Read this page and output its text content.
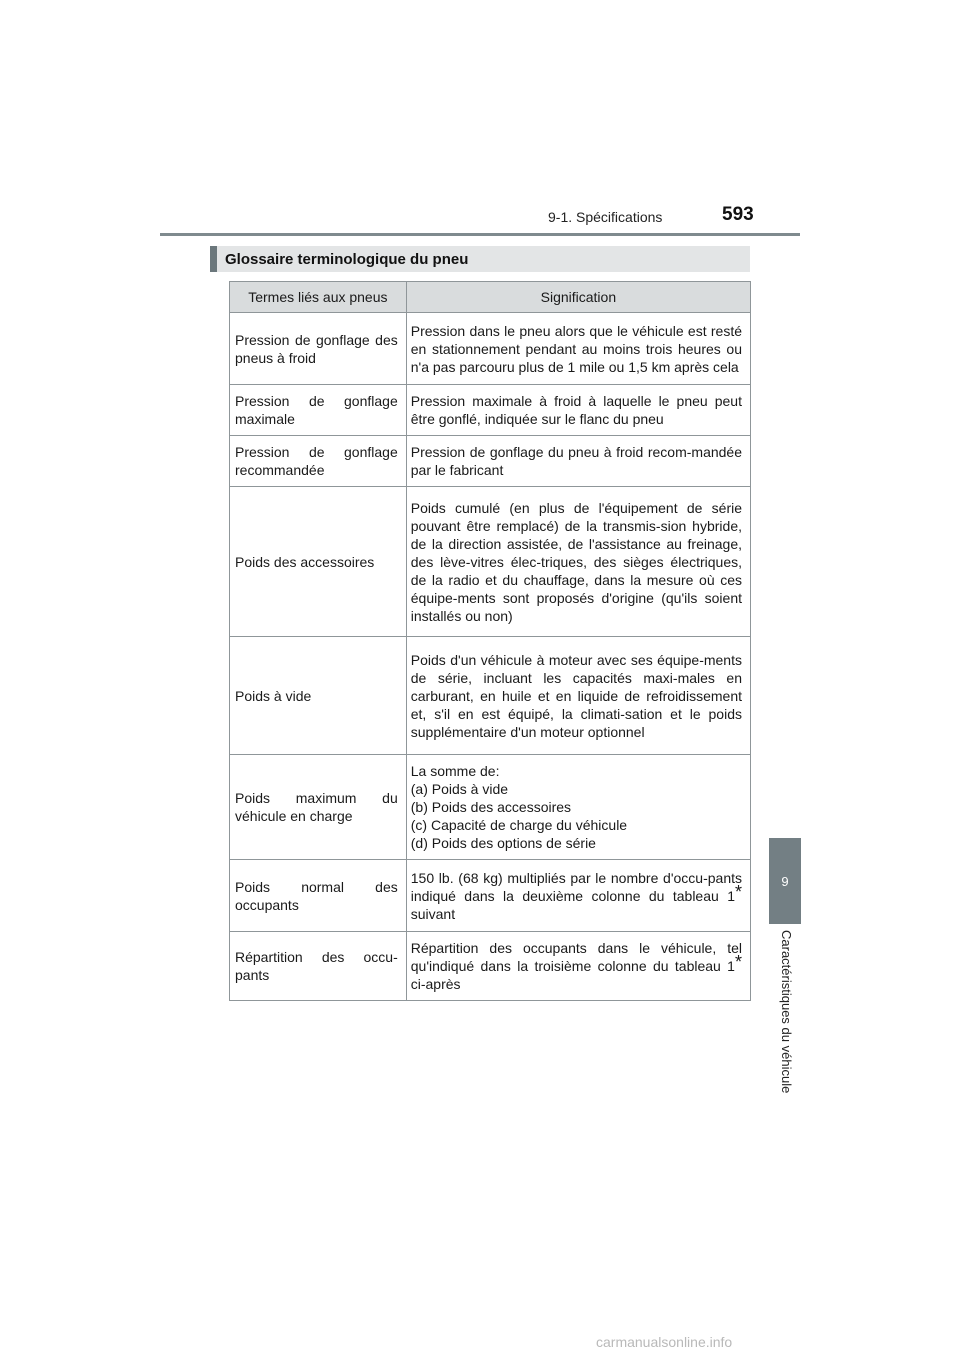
9-1. Spécifications	593
9
Caractéristiques du véhicule
Glossaire terminologique du pneu
Termes liés aux pneus	Signification
Pression de gonflage des pneus à froid	Pression dans le pneu alors que le véhicule est resté en stationnement pendant au moins trois heures ou n'a pas parcouru plus de 1 mile ou 1,5 km après cela
Pression de gonflage maximale	Pression maximale à froid à laquelle le pneu peut être gonflé, indiquée sur le flanc du pneu
Pression de gonflage recommandée	Pression de gonflage du pneu à froid recom-mandée par le fabricant
Poids des accessoires	Poids cumulé (en plus de l'équipement de série pouvant être remplacé) de la transmis-sion hybride, de la direction assistée, de l'assistance au freinage, des lève-vitres élec-triques, des sièges électriques, de la radio et du chauffage, dans la mesure où ces équipe-ments sont proposés d'origine (qu'ils soient installés ou non)
Poids à vide	Poids d'un véhicule à moteur avec ses équipe-ments de série, incluant les capacités maxi-males en carburant, en huile et en liquide de refroidissement et, s'il en est équipé, la climati-sation et le poids supplémentaire d'un moteur optionnel
Poids maximum du véhicule en charge	La somme de:
(a) Poids à vide
(b) Poids des accessoires
(c) Capacité de charge du véhicule
(d) Poids des options de série

Poids normal des occupants	150 lb. (68 kg) multipliés par le nombre d'occu-pants indiqué dans la deuxième colonne du tableau 1* suivant
Répartition des occu-pants	Répartition des occupants dans le véhicule, tel qu'indiqué dans la troisième colonne du tableau 1* ci-après
carmanualsonline.info
